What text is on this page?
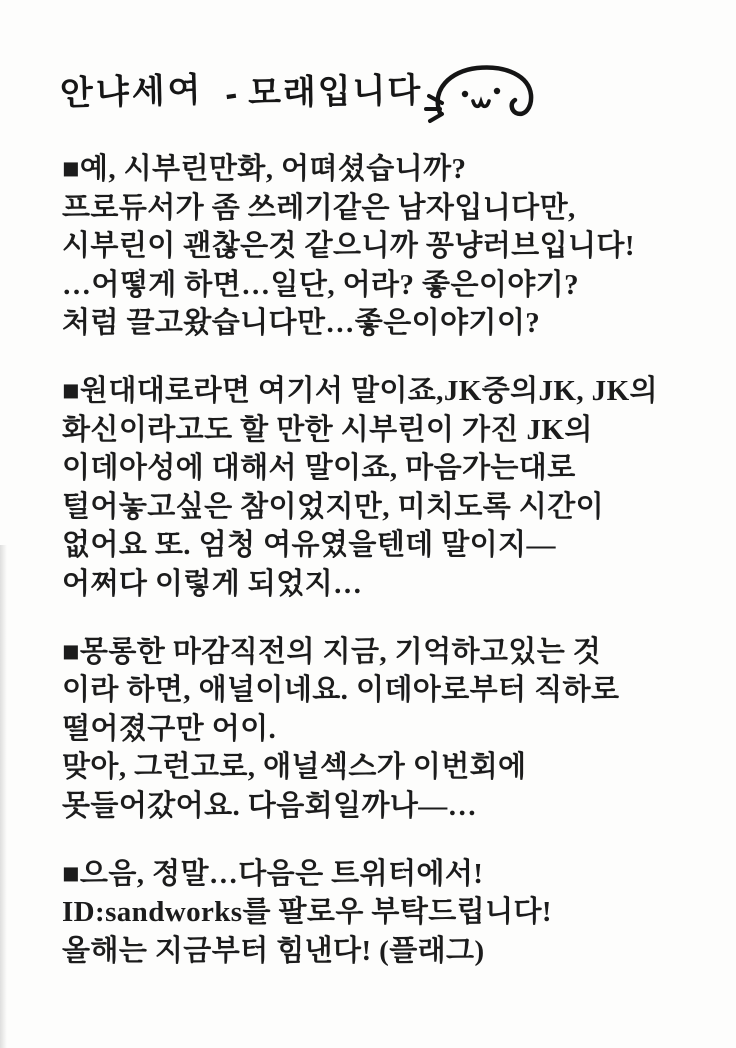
안냐세여 - 모래입니다

■예, 시부린만화, 어뗘셨습니까?
프로듀서가 좀 쓰레기같은 남자입니다만,
시부린이 괜찮은것 같으니까 꽁냥러브입니다!
…어떻게 하면…일단, 어라? 좋은이야기?
처럼 끌고왔습니다만…좋은이야기이?

■원대대로라면 여기서 말이죠,JK중의JK, JK의
화신이라고도 할 만한 시부린이 가진 JK의
이데아성에 대해서 말이죠, 마음가는대로
털어놓고싶은 참이었지만, 미치도록 시간이
없어요 또. 엄청 여유였을텐데 말이지—
어쩌다 이렇게 되었지…

■몽롱한 마감직전의 지금, 기억하고있는 것
이라 하면, 애널이네요. 이데아로부터 직하로
떨어졌구만 어이.
맞아, 그런고로, 애널섹스가 이번회에
못들어갔어요. 다음회일까나—…

■으음, 정말…다음은 트위터에서!
ID:sandworks를 팔로우 부탁드립니다!
올해는 지금부터 힘낸다! (플래그)
